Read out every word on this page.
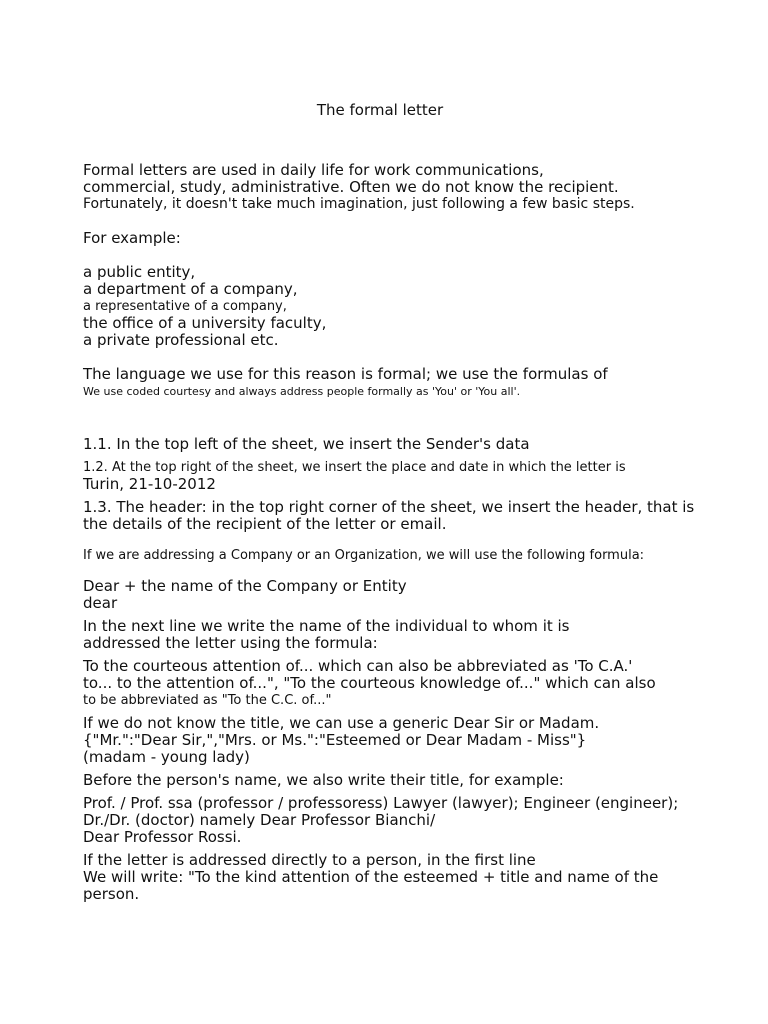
The formal letter
Formal letters are used in daily life for work communications,
commercial, study, administrative. Often we do not know the recipient.
Fortunately, it doesn't take much imagination, just following a few basic steps.
For example:
a public entity,
a department of a company,
a representative of a company,
the office of a university faculty,
a private professional etc.
The language we use for this reason is formal; we use the formulas of
We use coded courtesy and always address people formally as 'You' or 'You all'.
1.1. In the top left of the sheet, we insert the Sender's data
1.2. At the top right of the sheet, we insert the place and date in which the letter is
Turin, 21-10-2012
1.3. The header: in the top right corner of the sheet, we insert the header, that is
the details of the recipient of the letter or email.
If we are addressing a Company or an Organization, we will use the following formula:
Dear + the name of the Company or Entity
dear
In the next line we write the name of the individual to whom it is
addressed the letter using the formula:
To the courteous attention of... which can also be abbreviated as 'To C.A.'
to... to the attention of...", "To the courteous knowledge of..." which can also
to be abbreviated as "To the C.C. of..."
If we do not know the title, we can use a generic Dear Sir or Madam.
{"Mr.":"Dear Sir,","Mrs. or Ms.":"Esteemed or Dear Madam - Miss"}
(madam - young lady)
Before the person's name, we also write their title, for example:
Prof. / Prof. ssa (professor / professoress) Lawyer (lawyer); Engineer (engineer);
Dr./Dr. (doctor) namely Dear Professor Bianchi/
Dear Professor Rossi.
If the letter is addressed directly to a person, in the first line
We will write: "To the kind attention of the esteemed + title and name of the
person.
